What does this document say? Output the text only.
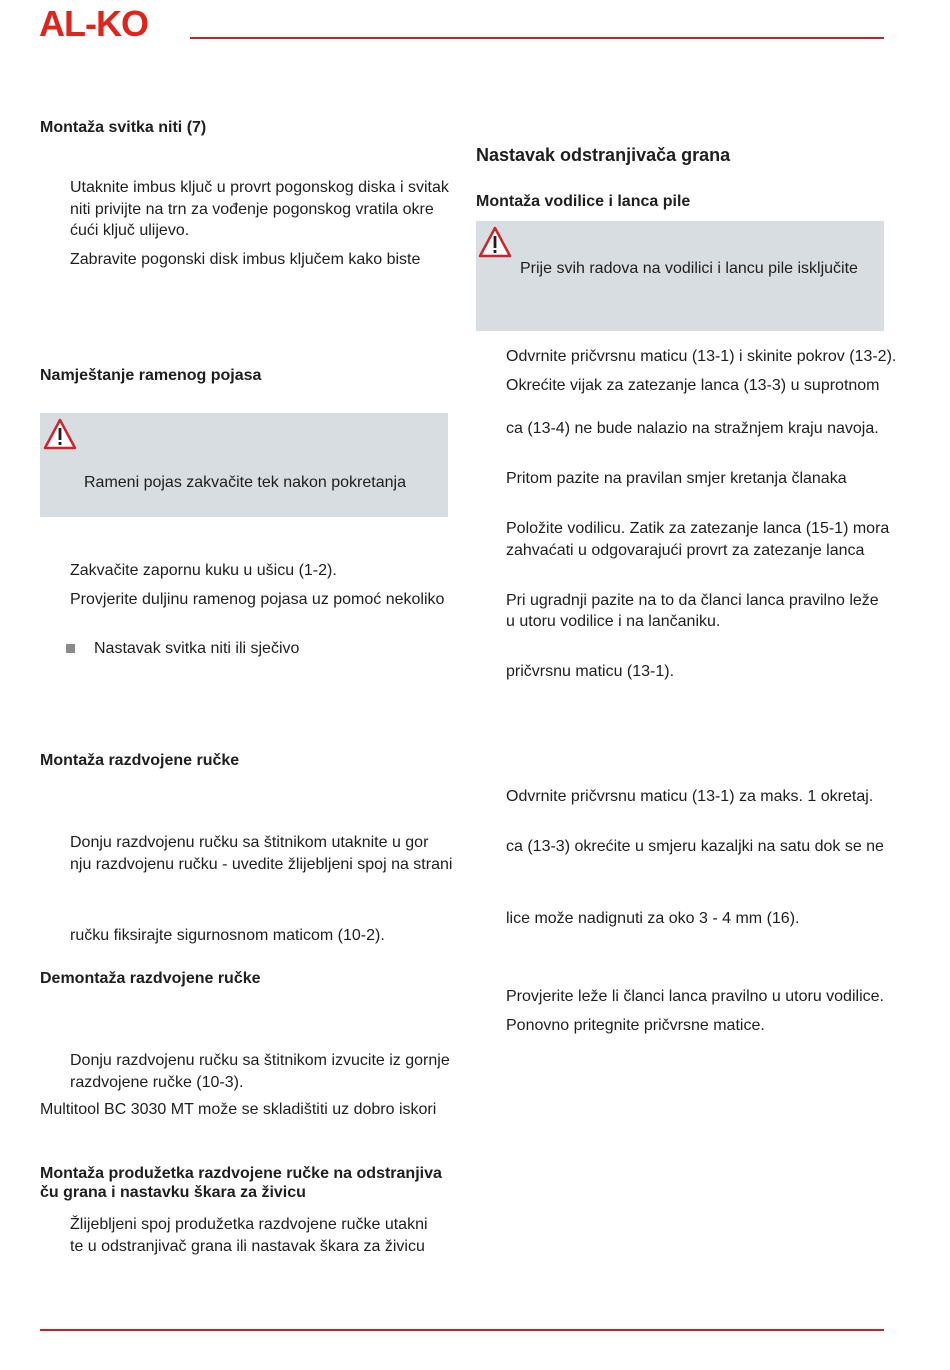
AL-KO
Montaža svitka niti (7)
Utaknite imbus ključ u provrt pogonskog diska i svitak
niti privijte na trn za vođenje pogonskog vratila okre
ćući ključ ulijevo.
Zabravite pogonski disk imbus ključem kako biste
Namještanje ramenog pojasa
Rameni pojas zakvačite tek nakon pokretanja
Zakvačite zapornu kuku u ušicu (1-2).
Provjerite duljinu ramenog pojasa uz pomoć nekoliko
Nastavak svitka niti ili sječivo
Montaža razdvojene ručke
Donju razdvojenu ručku sa štitnikom utaknite u gor
nju razdvojenu ručku - uvedite žlijebljeni spoj na strani
ručku fiksirajte sigurnosnom maticom (10-2).
Demontaža razdvojene ručke
Donju razdvojenu ručku sa štitnikom izvucite iz gornje
razdvojene ručke (10-3).
Multitool BC 3030 MT može se skladištiti uz dobro iskori
Montaža produžetka razdvojene ručke na odstranjiva
ču grana i nastavku škara za živicu
Žlijebljeni spoj produžetka razdvojene ručke utakni
te u odstranjivač grana ili nastavak škara za živicu
Nastavak odstranjivača grana
Montaža vodilice i lanca pile
Prije svih radova na vodilici i lancu pile isključite
Odvrnite pričvrsnu maticu (13-1) i skinite pokrov (13-2).
Okrećite vijak za zatezanje lanca (13-3) u suprotnom
ca (13-4) ne bude nalazio na stražnjem kraju navoja.
Pritom pazite na pravilan smjer kretanja članaka
Položite vodilicu. Zatik za zatezanje lanca (15-1) mora
zahvaćati u odgovarajući provrt za zatezanje lanca
Pri ugradnji pazite na to da članci lanca pravilno leže
u utoru vodilice i na lančaniku.
pričvrsnu maticu (13-1).
Odvrnite pričvrsnu maticu (13-1) za maks. 1 okretaj.
ca (13-3) okrećite u smjeru kazaljki na satu dok se ne
lice može nadignuti za oko 3 - 4 mm (16).
Provjerite leže li članci lanca pravilno u utoru vodilice.
Ponovno pritegnite pričvrsne matice.
